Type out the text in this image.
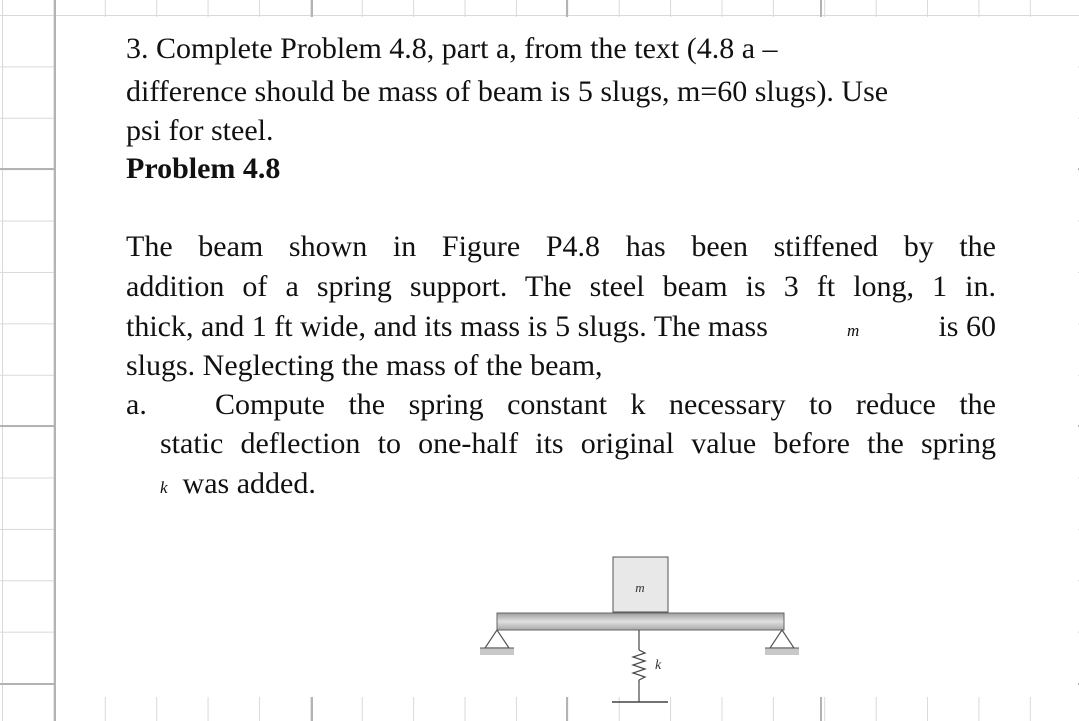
3. Complete Problem 4.8, part a, from the text (4.8 a –
difference should be mass of beam is 5 slugs, m=60 slugs). Use
psi for steel.
Problem 4.8
The beam shown in Figure P4.8 has been stiffened by the
addition of a spring support. The steel beam is 3 ft long, 1 in.
thick, and 1 ft wide, and its mass is 5 slugs. The mass	m	is 60
slugs. Neglecting the mass of the beam,
a. Compute the spring constant k necessary to reduce the
static deflection to one-half its original value before the spring
k was added.
m
k
